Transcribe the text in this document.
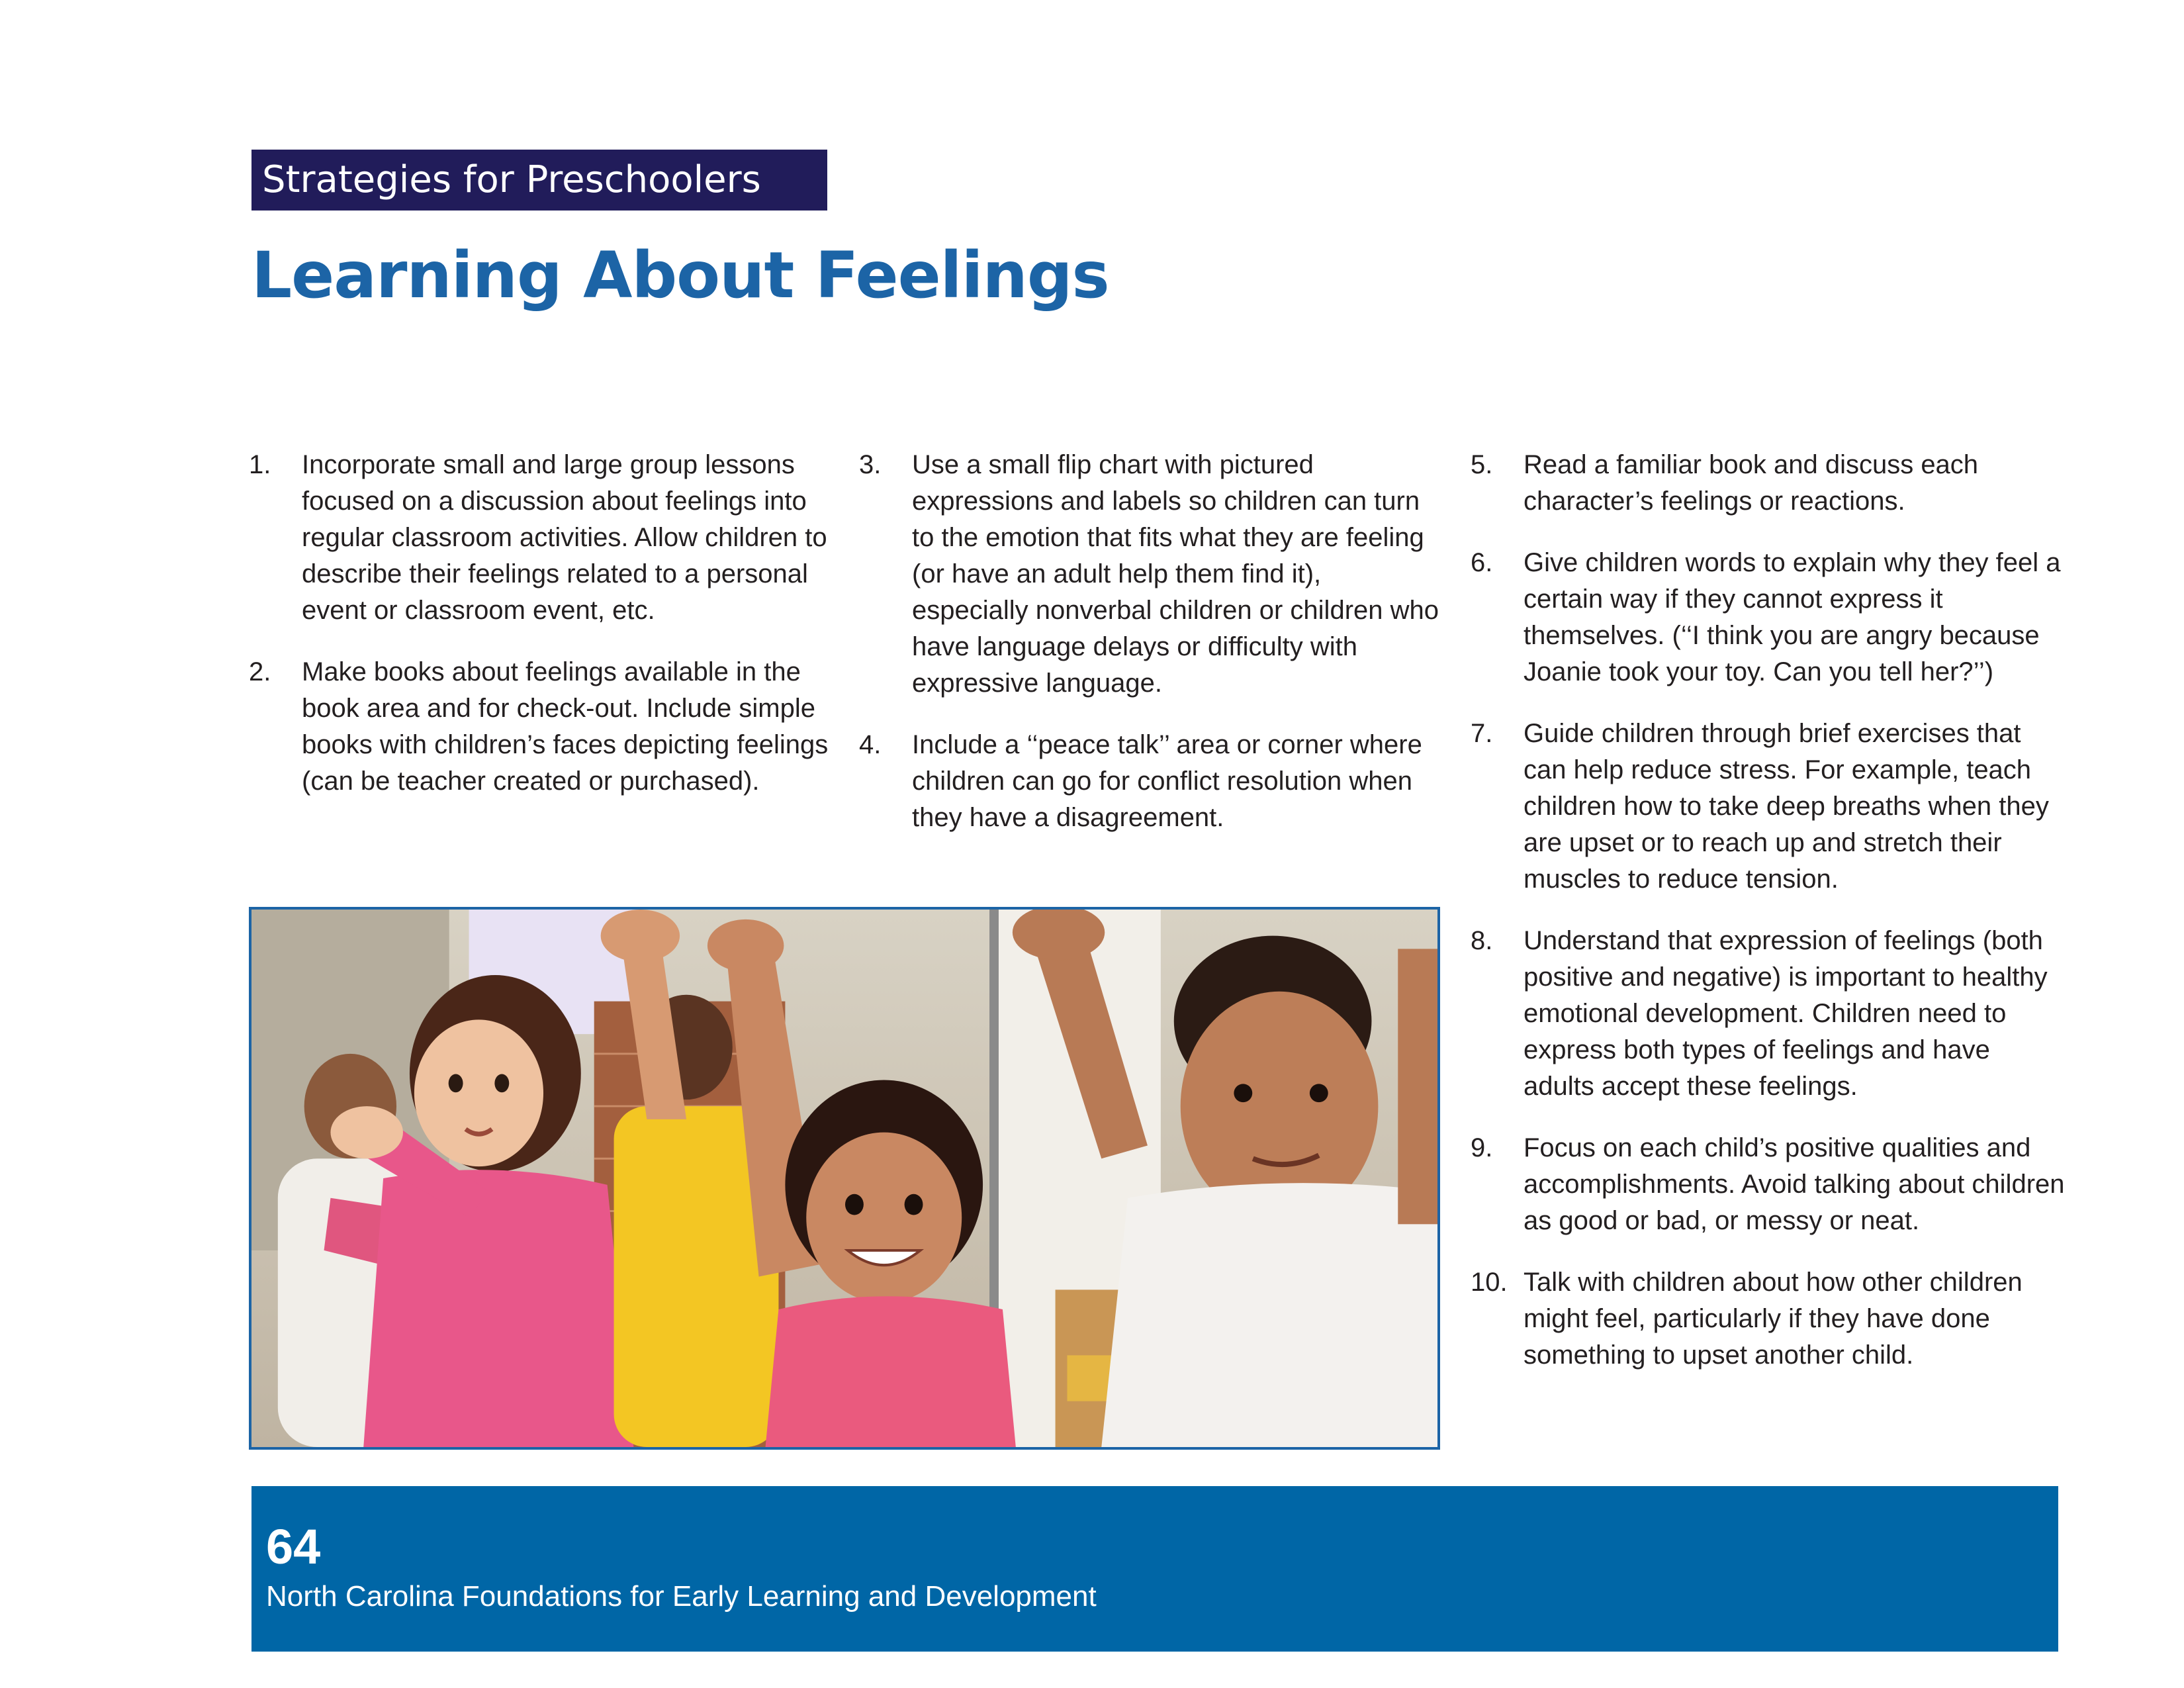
Strategies for Preschoolers
Learning About Feelings
1. Incorporate small and large group lessons focused on a discussion about feelings into regular classroom activities. Allow children to describe their feelings related to a personal event or classroom event, etc.
2. Make books about feelings available in the book area and for check-out. Include simple books with children’s faces depicting feelings (can be teacher created or purchased).
3. Use a small flip chart with pictured expressions and labels so children can turn to the emotion that fits what they are feeling (or have an adult help them find it), especially nonverbal children or children who have language delays or difficulty with expressive language.
4. Include a ‘‘peace talk’’ area or corner where children can go for conflict resolution when they have a disagreement.
5. Read a familiar book and discuss each character’s feelings or reactions.
6. Give children words to explain why they feel a certain way if they cannot express it themselves. (‘‘I think you are angry because Joanie took your toy. Can you tell her?’’)
7. Guide children through brief exercises that can help reduce stress. For example, teach children how to take deep breaths when they are upset or to reach up and stretch their muscles to reduce tension.
8. Understand that expression of feelings (both positive and negative) is important to healthy emotional development. Children need to express both types of feelings and have adults accept these feelings.
9. Focus on each child’s positive qualities and accomplishments. Avoid talking about children as good or bad, or messy or neat.
10. Talk with children about how other children might feel, particularly if they have done something to upset another child.
64
North Carolina Foundations for Early Learning and Development
